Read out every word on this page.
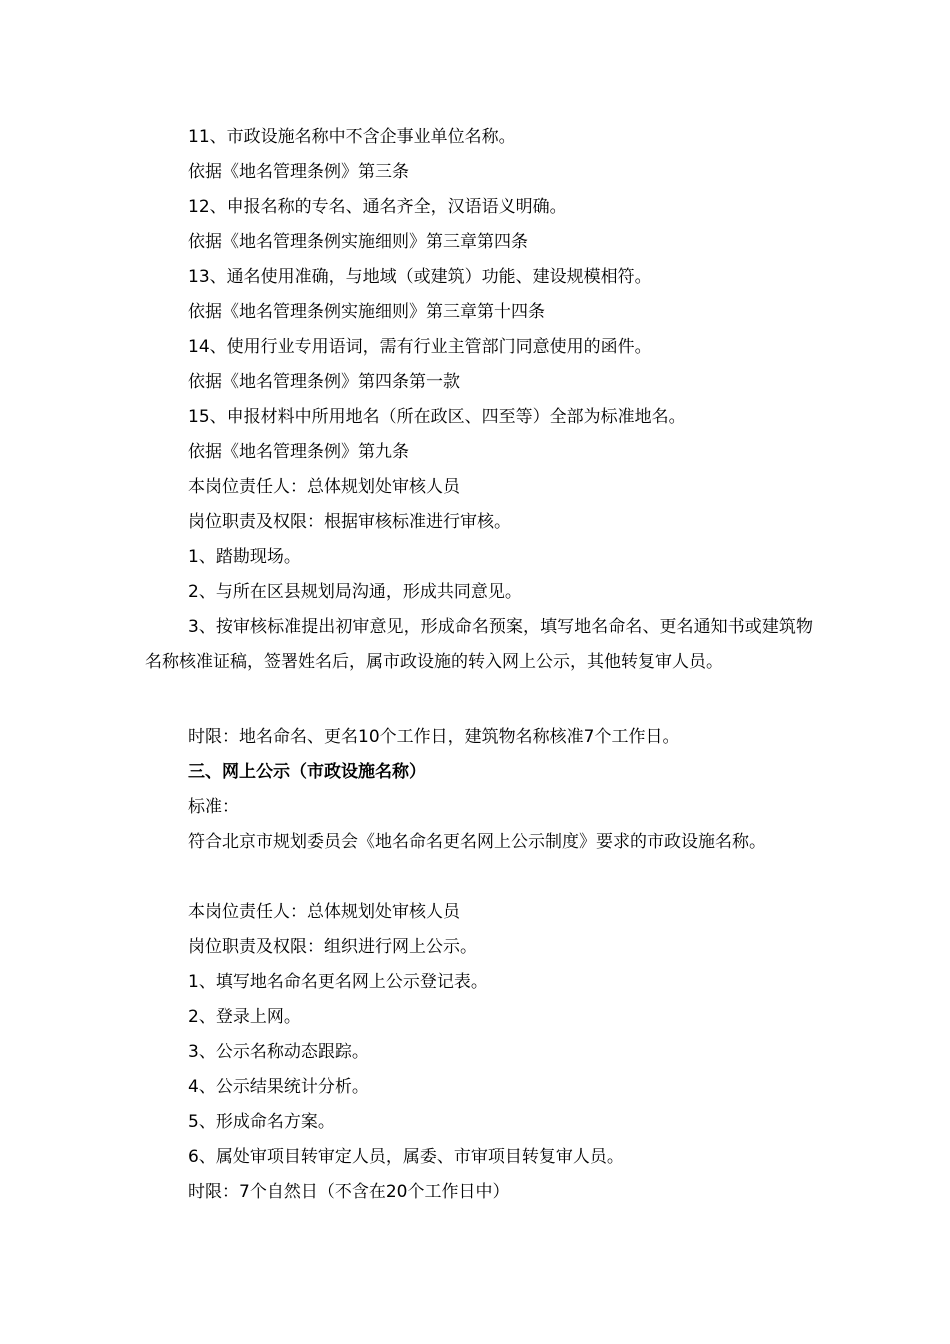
11、市政设施名称中不含企事业单位名称。
依据《地名管理条例》第三条
12、申报名称的专名、通名齐全，汉语语义明确。
依据《地名管理条例实施细则》第三章第四条
13、通名使用准确，与地域（或建筑）功能、建设规模相符。
依据《地名管理条例实施细则》第三章第十四条
14、使用行业专用语词，需有行业主管部门同意使用的函件。
依据《地名管理条例》第四条第一款
15、申报材料中所用地名（所在政区、四至等）全部为标准地名。
依据《地名管理条例》第九条
本岗位责任人：总体规划处审核人员
岗位职责及权限：根据审核标准进行审核。
1、踏勘现场。
2、与所在区县规划局沟通，形成共同意见。
3、按审核标准提出初审意见，形成命名预案，填写地名命名、更名通知书或建筑物名称核准证稿，签署姓名后，属市政设施的转入网上公示，其他转复审人员。
时限：地名命名、更名10个工作日，建筑物名称核准7个工作日。
三、网上公示（市政设施名称）
标准：
符合北京市规划委员会《地名命名更名网上公示制度》要求的市政设施名称。
本岗位责任人：总体规划处审核人员
岗位职责及权限：组织进行网上公示。
1、填写地名命名更名网上公示登记表。
2、登录上网。
3、公示名称动态跟踪。
4、公示结果统计分析。
5、形成命名方案。
6、属处审项目转审定人员，属委、市审项目转复审人员。
时限：7个自然日（不含在20个工作日中）
